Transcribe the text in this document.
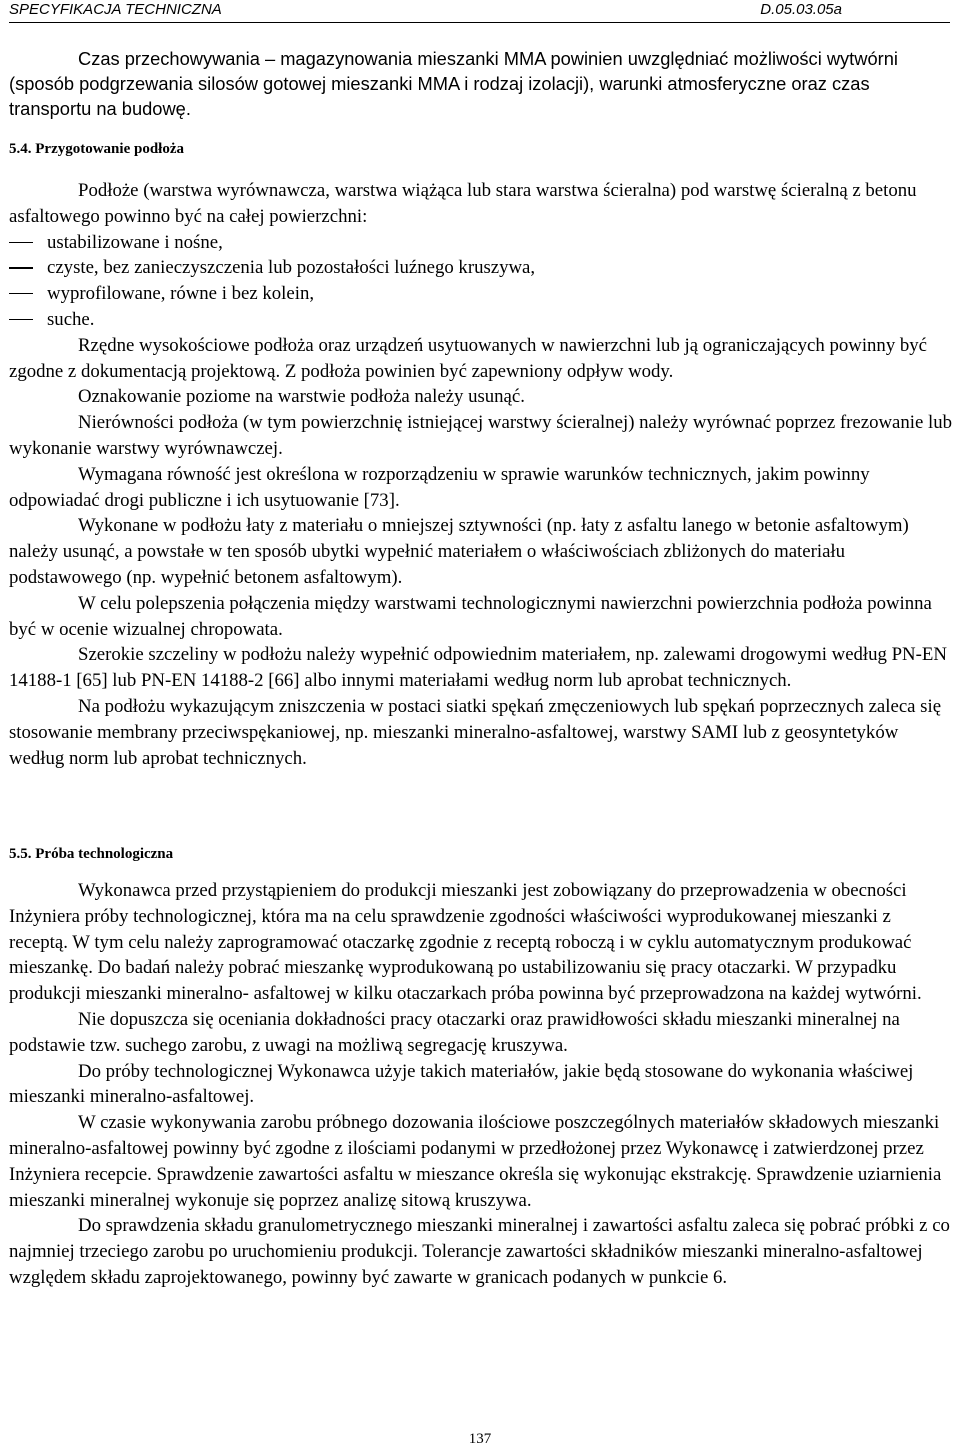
SPECYFIKACJA TECHNICZNA	D.05.03.05a

Czas przechowywania – magazynowania mieszanki MMA powinien uwzględniać możliwości wytwórni (sposób podgrzewania silosów gotowej mieszanki MMA i rodzaj izolacji), warunki atmosferyczne oraz czas transportu na budowę.

5.4. Przygotowanie podłoża

Podłoże (warstwa wyrównawcza, warstwa wiążąca lub stara warstwa ścieralna) pod warstwę ścieralną z betonu asfaltowego powinno być na całej powierzchni:

ustabilizowane i nośne,
czyste, bez zanieczyszczenia lub pozostałości luźnego kruszywa,
wyprofilowane, równe i bez kolein,
suche.

Rzędne wysokościowe podłoża oraz urządzeń usytuowanych w nawierzchni lub ją ograniczających powinny być zgodne z dokumentacją projektową. Z podłoża powinien być zapewniony odpływ wody.

Oznakowanie poziome na warstwie podłoża należy usunąć.

Nierówności podłoża (w tym powierzchnię istniejącej warstwy ścieralnej) należy wyrównać poprzez frezowanie lub wykonanie warstwy wyrównawczej.

Wymagana równość jest określona w rozporządzeniu w sprawie warunków technicznych, jakim powinny odpowiadać drogi publiczne i ich usytuowanie [73].

Wykonane w podłożu łaty z materiału o mniejszej sztywności (np. łaty z asfaltu lanego w betonie asfaltowym) należy usunąć, a powstałe w ten sposób ubytki wypełnić materiałem o właściwościach zbliżonych do materiału podstawowego (np. wypełnić betonem asfaltowym).

W celu polepszenia połączenia między warstwami technologicznymi nawierzchni powierzchnia podłoża powinna być w ocenie wizualnej chropowata.

Szerokie szczeliny w podłożu należy wypełnić odpowiednim materiałem, np. zalewami drogowymi według PN-EN 14188-1 [65] lub PN-EN 14188-2 [66] albo innymi materiałami według norm lub aprobat technicznych.

Na podłożu wykazującym zniszczenia w postaci siatki spękań zmęczeniowych lub spękań poprzecznych zaleca się stosowanie membrany przeciwspękaniowej, np. mieszanki mineralno-asfaltowej, warstwy SAMI lub z geosyntetyków według norm lub aprobat technicznych.

5.5. Próba technologiczna

Wykonawca przed przystąpieniem do produkcji mieszanki jest zobowiązany do przeprowadzenia w obecności Inżyniera próby technologicznej, która ma na celu sprawdzenie zgodności właściwości wyprodukowanej mieszanki z receptą. W tym celu należy zaprogramować otaczarkę zgodnie z receptą roboczą i w cyklu automatycznym produkować mieszankę. Do badań należy pobrać mieszankę wyprodukowaną po ustabilizowaniu się pracy otaczarki. W przypadku produkcji mieszanki mineralno- asfaltowej w kilku otaczarkach próba powinna być przeprowadzona na każdej wytwórni.

Nie dopuszcza się oceniania dokładności pracy otaczarki oraz prawidłowości składu mieszanki mineralnej na podstawie tzw. suchego zarobu, z uwagi na możliwą segregację kruszywa.

Do próby technologicznej Wykonawca użyje takich materiałów, jakie będą stosowane do wykonania właściwej mieszanki mineralno-asfaltowej.

W czasie wykonywania zarobu próbnego dozowania ilościowe poszczególnych materiałów składowych mieszanki mineralno-asfaltowej powinny być zgodne z ilościami podanymi w przedłożonej przez Wykonawcę i zatwierdzonej przez Inżyniera recepcie. Sprawdzenie zawartości asfaltu w mieszance określa się wykonując ekstrakcję. Sprawdzenie uziarnienia mieszanki mineralnej wykonuje się poprzez analizę sitową kruszywa.

Do sprawdzenia składu granulometrycznego mieszanki mineralnej i zawartości asfaltu zaleca się pobrać próbki z co najmniej trzeciego zarobu po uruchomieniu produkcji. Tolerancje zawartości składników mieszanki mineralno-asfaltowej względem składu zaprojektowanego, powinny być zawarte w granicach podanych w punkcie 6.

137
